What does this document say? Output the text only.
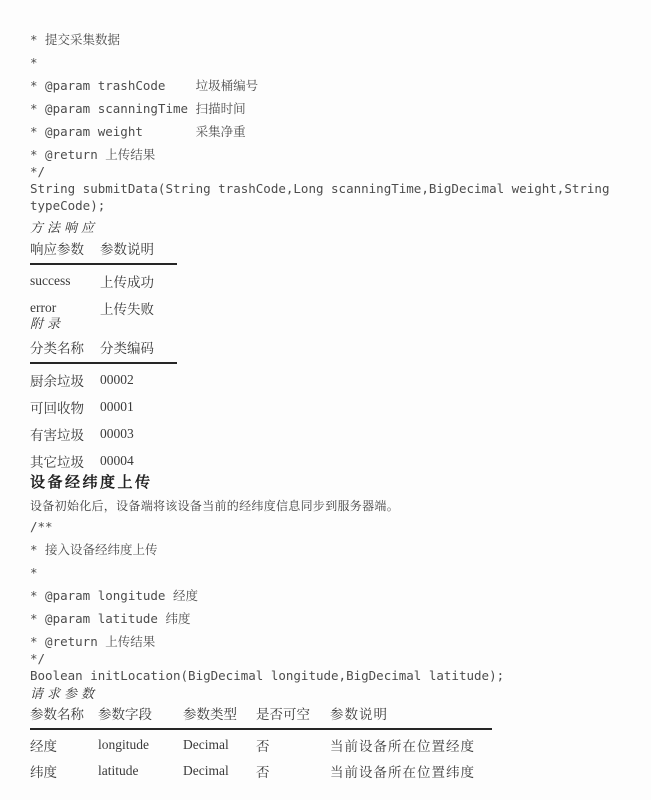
* 提交采集数据
*
* @param trashCode    垃圾桶编号
* @param scanningTime 扫描时间
* @param weight       采集净重
* @return 上传结果
*/
String submitData(String trashCode,Long scanningTime,BigDecimal weight,String
typeCode);
方法响应
响应参数	参数说明
success	上传成功
error	上传失败
附录
分类名称	分类编码
厨余垃圾	00002
可回收物	00001
有害垃圾	00003
其它垃圾	00004
设备经纬度上传
设备初始化后，设备端将该设备当前的经纬度信息同步到服务器端。
/**
* 接入设备经纬度上传
*
* @param longitude 经度
* @param latitude 纬度
* @return 上传结果
*/
Boolean initLocation(BigDecimal longitude,BigDecimal latitude);
请求参数
参数名称	参数字段	参数类型	是否可空	参数说明
经度	longitude	Decimal	否	当前设备所在位置经度
纬度	latitude	Decimal	否	当前设备所在位置纬度
